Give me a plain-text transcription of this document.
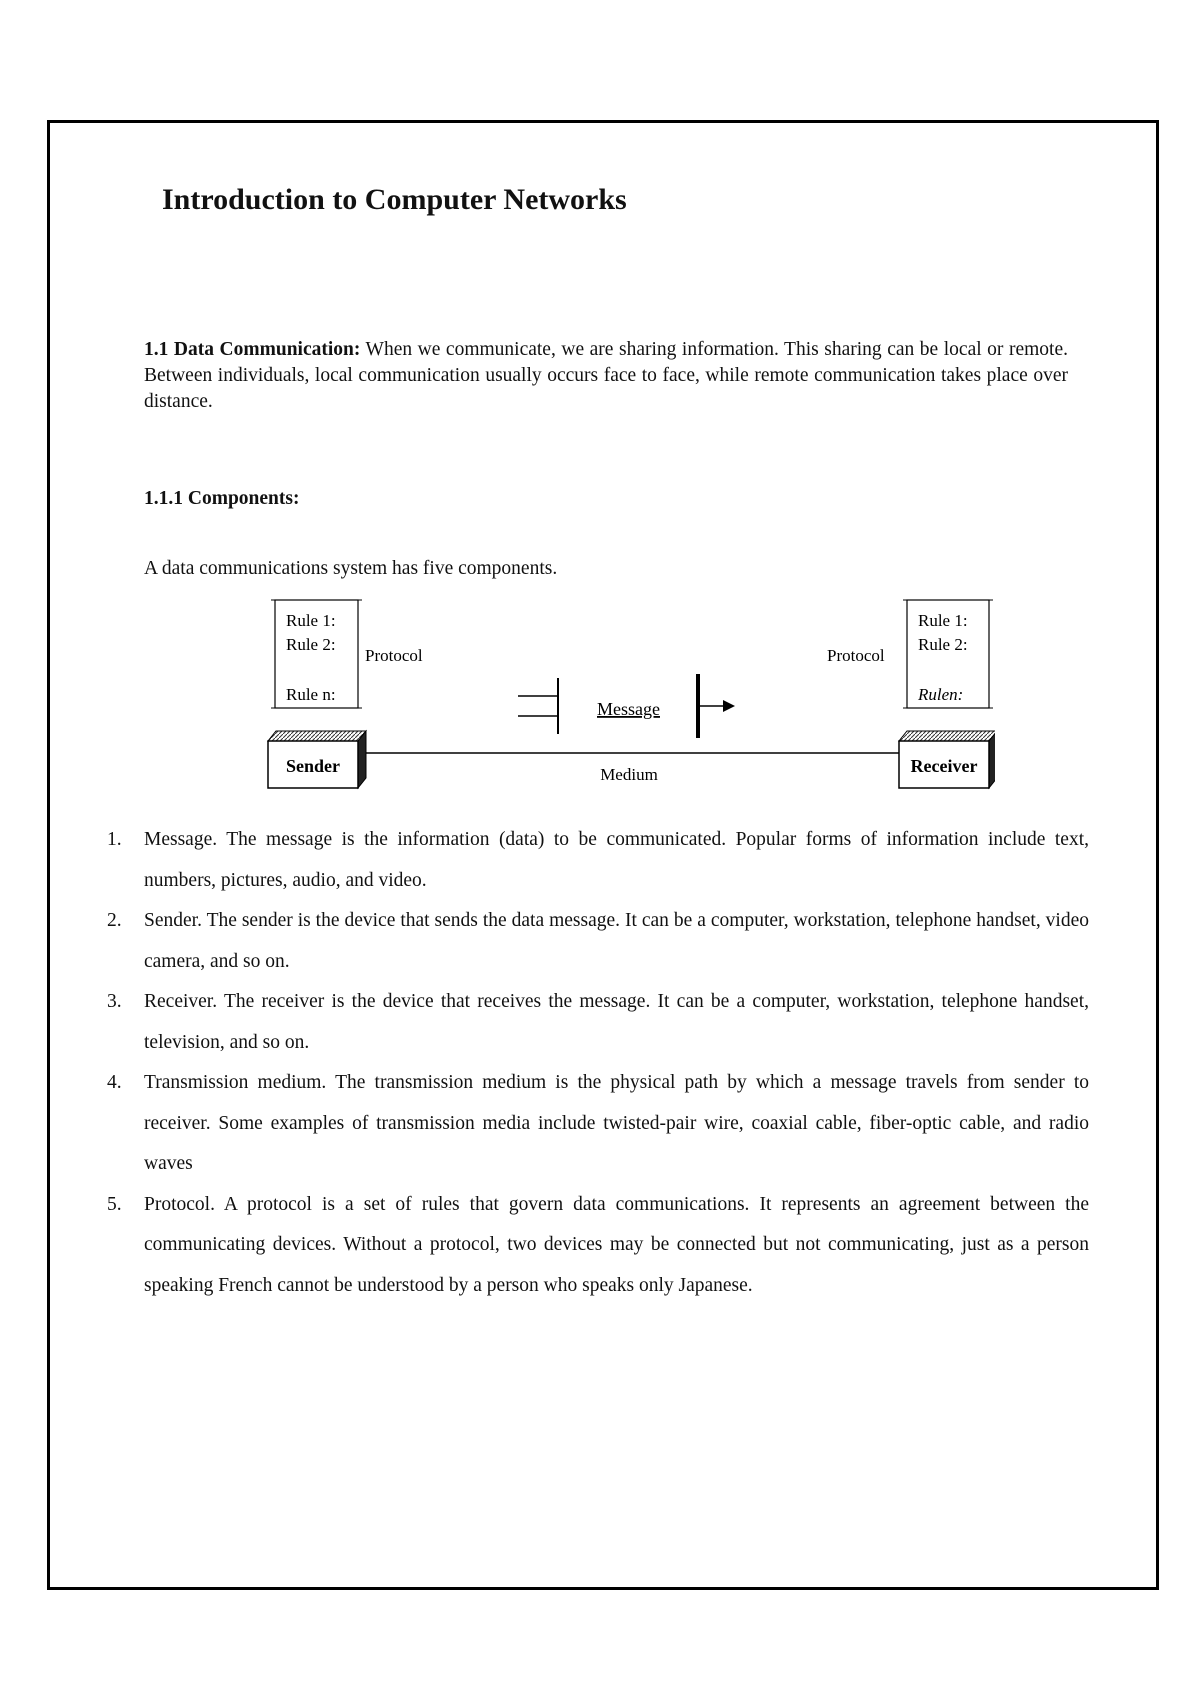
Introduction to Computer Networks

1.1 Data Communication: When we communicate, we are sharing information. This sharing can be local or remote. Between individuals, local communication usually occurs face to face, while remote communication takes place over distance.

1.1.1 Components:

A data communications system has five components.

Rule 1:
Rule 2:
Rule n:
Protocol
Rule 1:
Rule 2:
Rulen:
Protocol
Message
Sender	Receiver
Medium
1. Message. The message is the information (data) to be communicated. Popular forms of information include text, numbers, pictures, audio, and video.
2. Sender. The sender is the device that sends the data message. It can be a computer, workstation, telephone handset, video camera, and so on.
3. Receiver. The receiver is the device that receives the message. It can be a computer, workstation, telephone handset, television, and so on.
4. Transmission medium. The transmission medium is the physical path by which a message travels from sender to receiver. Some examples of transmission media include twisted-pair wire, coaxial cable, fiber-optic cable, and radio waves
5. Protocol. A protocol is a set of rules that govern data communications. It represents an agreement between the communicating devices. Without a protocol, two devices may be connected but not communicating, just as a person speaking French cannot be understood by a person who speaks only Japanese.
